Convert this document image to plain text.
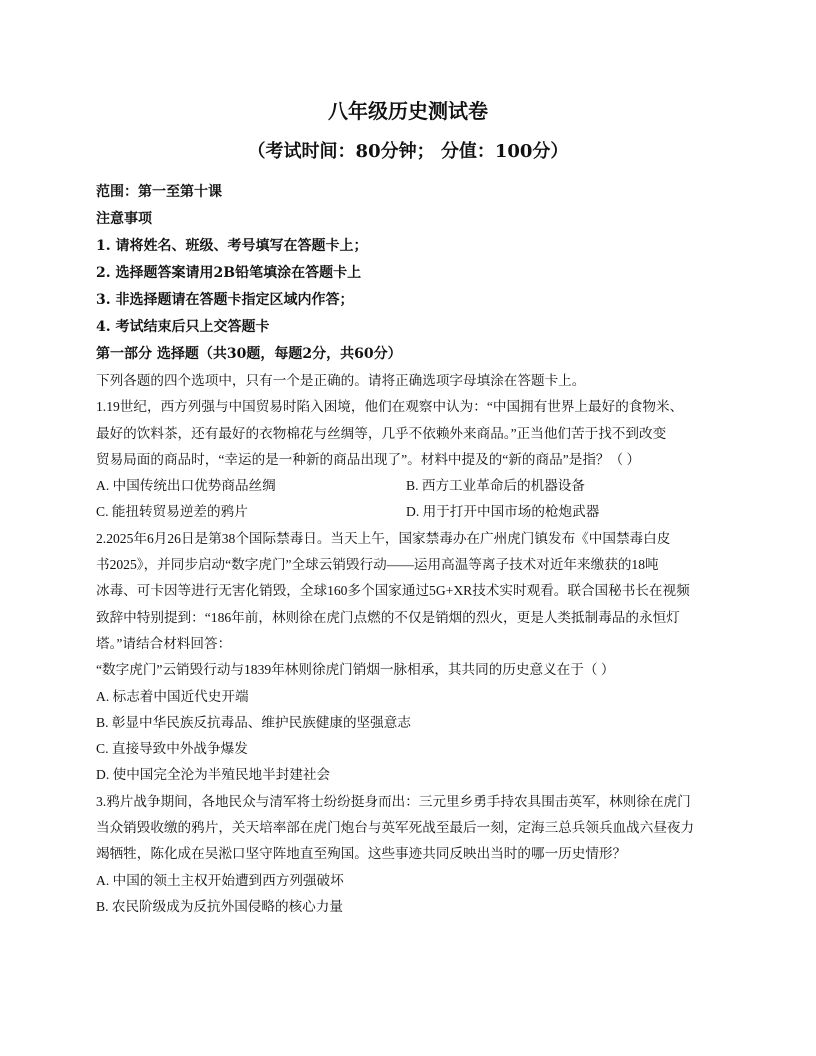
八年级历史测试卷
（考试时间：80分钟； 分值：100分）
范围：第一至第十课
注意事项
1. 请将姓名、班级、考号填写在答题卡上；
2. 选择题答案请用2B铅笔填涂在答题卡上
3. 非选择题请在答题卡指定区域内作答；
4. 考试结束后只上交答题卡
第一部分 选择题（共30题，每题2分，共60分）
下列各题的四个选项中，只有一个是正确的。请将正确选项字母填涂在答题卡上。
1.19世纪，西方列强与中国贸易时陷入困境，他们在观察中认为：“中国拥有世界上最好的食物米、
最好的饮料茶，还有最好的衣物棉花与丝绸等，几乎不依赖外来商品。”正当他们苦于找不到改变
贸易局面的商品时，“幸运的是一种新的商品出现了”。材料中提及的“新的商品”是指？（ ）
A. 中国传统出口优势商品丝绸	B. 西方工业革命后的机器设备
C. 能扭转贸易逆差的鸦片	D. 用于打开中国市场的枪炮武器
2.2025年6月26日是第38个国际禁毒日。当天上午，国家禁毒办在广州虎门镇发布《中国禁毒白皮
书2025》，并同步启动“数字虎门”全球云销毁行动——运用高温等离子技术对近年来缴获的18吨
冰毒、可卡因等进行无害化销毁，全球160多个国家通过5G+XR技术实时观看。联合国秘书长在视频
致辞中特别提到：“186年前，林则徐在虎门点燃的不仅是销烟的烈火，更是人类抵制毒品的永恒灯
塔。”请结合材料回答：
“数字虎门”云销毁行动与1839年林则徐虎门销烟一脉相承，其共同的历史意义在于（ ）
A. 标志着中国近代史开端
B. 彰显中华民族反抗毒品、维护民族健康的坚强意志
C. 直接导致中外战争爆发
D. 使中国完全沦为半殖民地半封建社会
3.鸦片战争期间，各地民众与清军将士纷纷挺身而出：三元里乡勇手持农具围击英军，林则徐在虎门
当众销毁收缴的鸦片，关天培率部在虎门炮台与英军死战至最后一刻，定海三总兵领兵血战六昼夜力
竭牺牲，陈化成在吴淞口坚守阵地直至殉国。这些事迹共同反映出当时的哪一历史情形？
A. 中国的领土主权开始遭到西方列强破坏
B. 农民阶级成为反抗外国侵略的核心力量
